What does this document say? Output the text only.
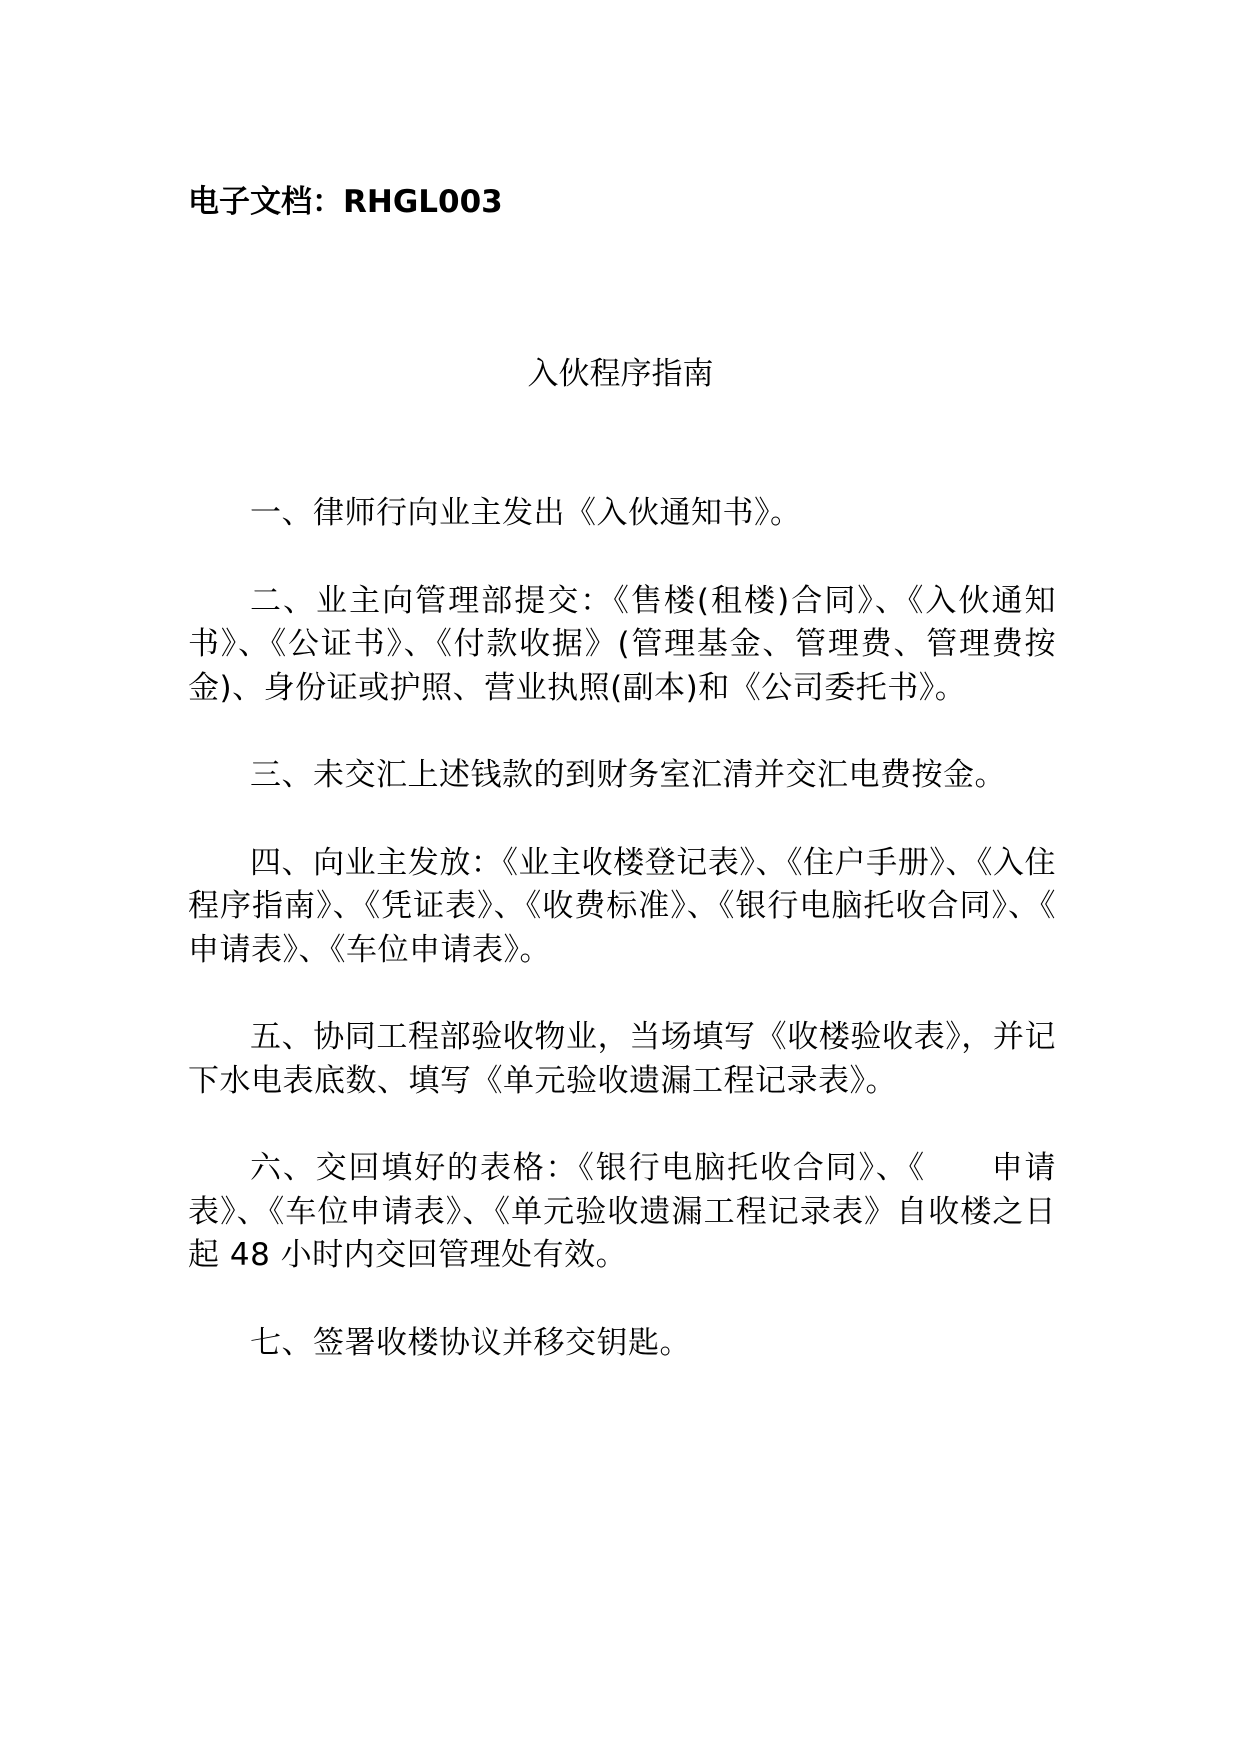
电子文档：RHGL003
入伙程序指南

一、律师行向业主发出《入伙通知书》。

二、业主向管理部提交：《售楼(租楼)合同》、《入伙通知书》、《公证书》、《付款收据》(管理基金、管理费、管理费按金)、身份证或护照、营业执照(副本)和《公司委托书》。

三、未交汇上述钱款的到财务室汇清并交汇电费按金。

四、向业主发放：《业主收楼登记表》、《住户手册》、《入住程序指南》、《凭证表》、《收费标准》、《银行电脑托收合同》、《　　申请表》、《车位申请表》。

五、协同工程部验收物业，当场填写《收楼验收表》，并记下水电表底数、填写《单元验收遗漏工程记录表》。

六、交回填好的表格：《银行电脑托收合同》、《　　申请表》、《车位申请表》、《单元验收遗漏工程记录表》自收楼之日起 48 小时内交回管理处有效。

七、签署收楼协议并移交钥匙。
